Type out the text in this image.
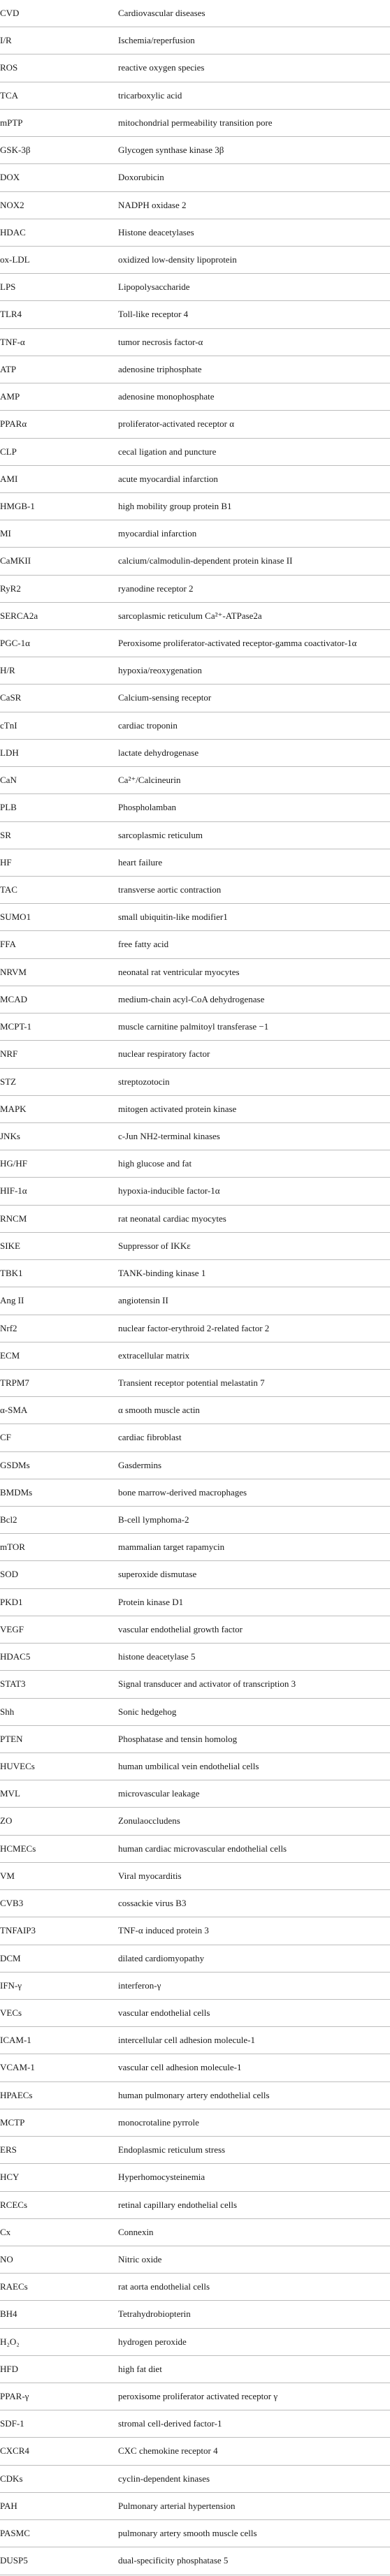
CVD	Cardiovascular diseases
I/R	Ischemia/reperfusion
ROS	reactive oxygen species
TCA	tricarboxylic acid
mPTP	mitochondrial permeability transition pore
GSK-3β	Glycogen synthase kinase 3β
DOX	Doxorubicin
NOX2	NADPH oxidase 2
HDAC	Histone deacetylases
ox-LDL	oxidized low-density lipoprotein
LPS	Lipopolysaccharide
TLR4	Toll-like receptor 4
TNF-α	tumor necrosis factor-α
ATP	adenosine triphosphate
AMP	adenosine monophosphate
PPARα	proliferator-activated receptor α
CLP	cecal ligation and puncture
AMI	acute myocardial infarction
HMGB-1	high mobility group protein B1
MI	myocardial infarction
CaMKII	calcium/calmodulin-dependent protein kinase II
RyR2	ryanodine receptor 2
SERCA2a	sarcoplasmic reticulum Ca²⁺-ATPase2a
PGC-1α	Peroxisome proliferator-activated receptor-gamma coactivator-1α
H/R	hypoxia/reoxygenation
CaSR	Calcium-sensing receptor
cTnI	cardiac troponin
LDH	lactate dehydrogenase
CaN	Ca²⁺/Calcineurin
PLB	Phospholamban
SR	sarcoplasmic reticulum
HF	heart failure
TAC	transverse aortic contraction
SUMO1	small ubiquitin-like modifier1
FFA	free fatty acid
NRVM	neonatal rat ventricular myocytes
MCAD	medium-chain acyl-CoA dehydrogenase
MCPT-1	muscle carnitine palmitoyl transferase −1
NRF	nuclear respiratory factor
STZ	streptozotocin
MAPK	mitogen activated protein kinase
JNKs	c-Jun NH2-terminal kinases
HG/HF	high glucose and fat
HIF-1α	hypoxia-inducible factor-1α
RNCM	rat neonatal cardiac myocytes
SIKE	Suppressor of IKKε
TBK1	TANK-binding kinase 1
Ang II	angiotensin II
Nrf2	nuclear factor-erythroid 2-related factor 2
ECM	extracellular matrix
TRPM7	Transient receptor potential melastatin 7
α-SMA	α smooth muscle actin
CF	cardiac fibroblast
GSDMs	Gasdermins
BMDMs	bone marrow-derived macrophages
Bcl2	B-cell lymphoma-2
mTOR	mammalian target rapamycin
SOD	superoxide dismutase
PKD1	Protein kinase D1
VEGF	vascular endothelial growth factor
HDAC5	histone deacetylase 5
STAT3	Signal transducer and activator of transcription 3
Shh	Sonic hedgehog
PTEN	Phosphatase and tensin homolog
HUVECs	human umbilical vein endothelial cells
MVL	microvascular leakage
ZO	Zonulaoccludens
HCMECs	human cardiac microvascular endothelial cells
VM	Viral myocarditis
CVB3	cossackie virus B3
TNFAIP3	TNF-α induced protein 3
DCM	dilated cardiomyopathy
IFN-γ	interferon-γ
VECs	vascular endothelial cells
ICAM-1	intercellular cell adhesion molecule-1
VCAM-1	vascular cell adhesion molecule-1
HPAECs	human pulmonary artery endothelial cells
MCTP	monocrotaline pyrrole
ERS	Endoplasmic reticulum stress
HCY	Hyperhomocysteinemia
RCECs	retinal capillary endothelial cells
Cx	Connexin
NO	Nitric oxide
RAECs	rat aorta endothelial cells
BH4	Tetrahydrobiopterin
H₂O₂	hydrogen peroxide
HFD	high fat diet
PPAR-γ	peroxisome proliferator activated receptor γ
SDF-1	stromal cell-derived factor-1
CXCR4	CXC chemokine receptor 4
CDKs	cyclin-dependent kinases
PAH	Pulmonary arterial hypertension
PASMC	pulmonary artery smooth muscle cells
DUSP5	dual-specificity phosphatase 5
